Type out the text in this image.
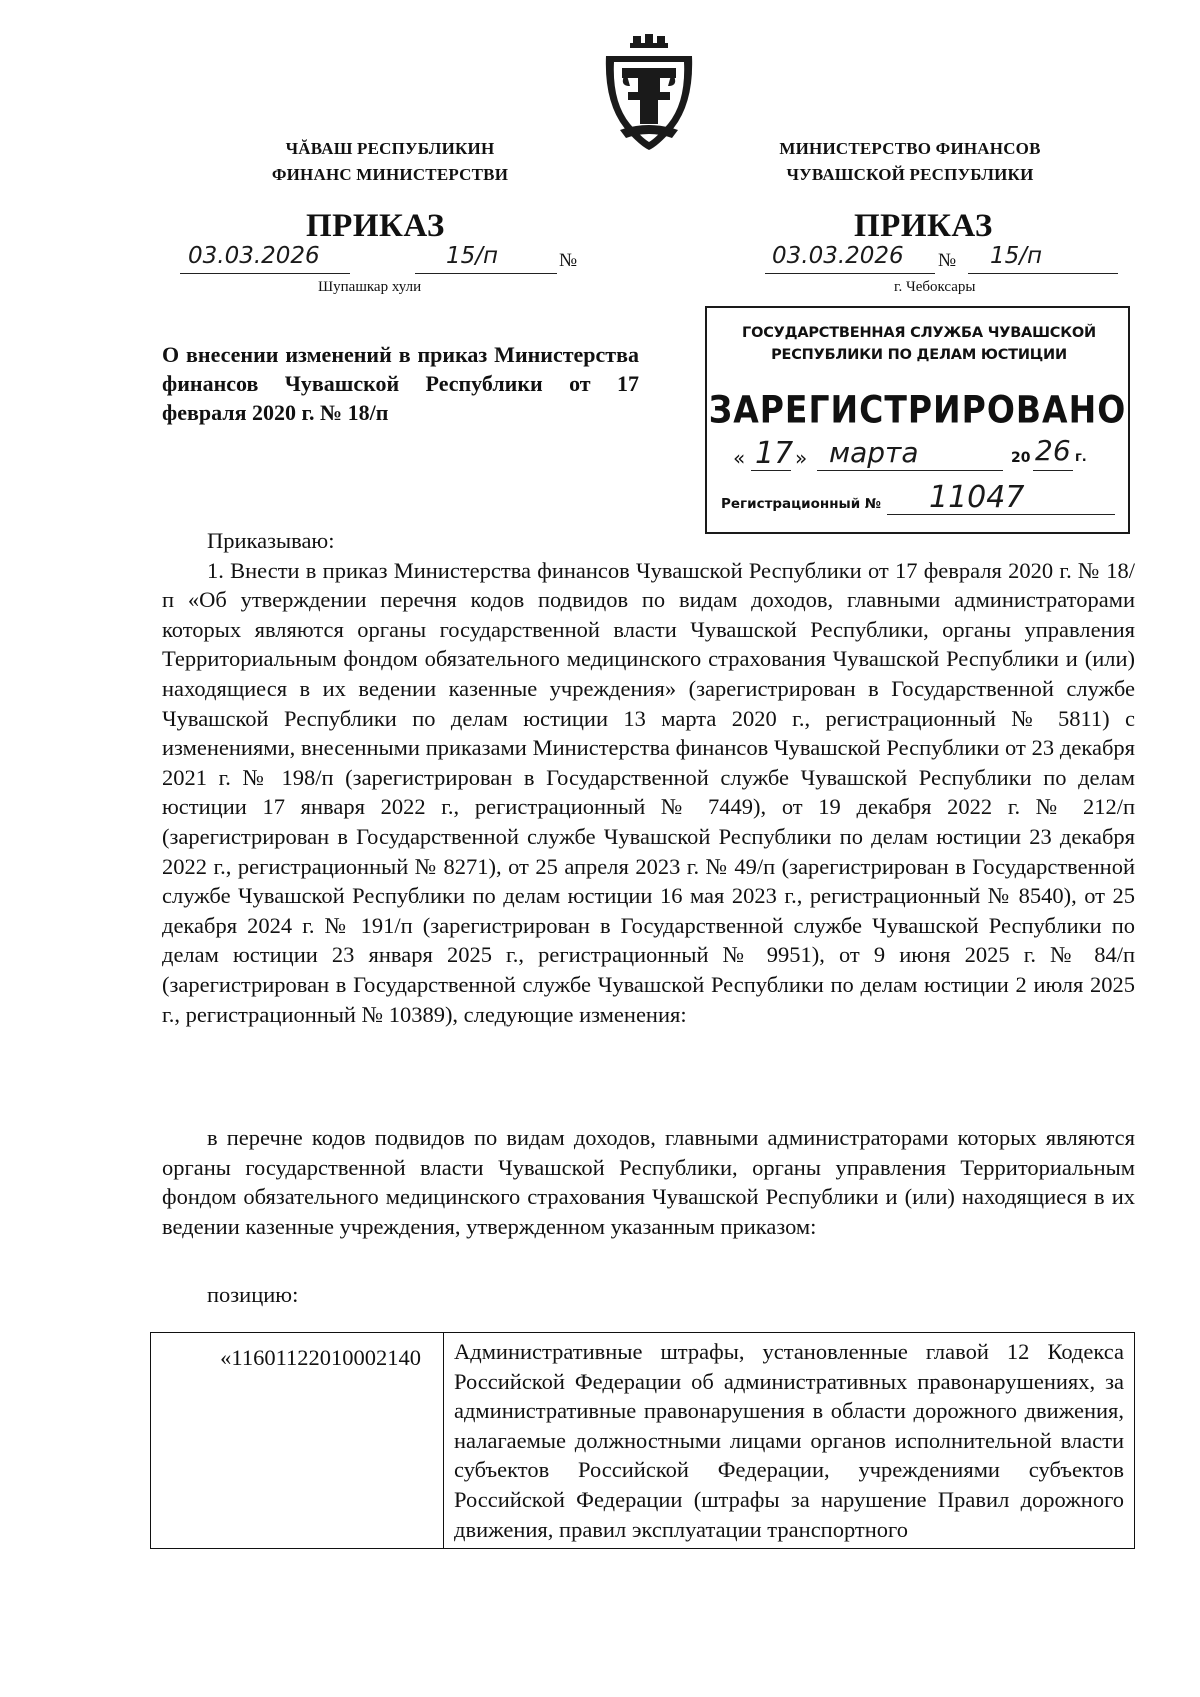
ЧĂВАШ РЕСПУБЛИКИН
ФИНАНС МИНИСТЕРСТВИ
МИНИСТЕРСТВО ФИНАНСОВ
ЧУВАШСКОЙ РЕСПУБЛИКИ
ПРИКАЗ	ПРИКАЗ
03.03.2026	15/п	№
Шупашкар хули
03.03.2026 № 15/п
г. Чебоксары
О внесении изменений в приказ Министерства финансов Чувашской Республики от 17 февраля 2020 г. № 18/п
ГОСУДАРСТВЕННАЯ СЛУЖБА ЧУВАШСКОЙ
РЕСПУБЛИКИ ПО ДЕЛАМ ЮСТИЦИИ
ЗАРЕГИСТРИРОВАНО
« 17 » марта	20 26 г.
Регистрационный № 11047
Приказываю:
1. Внести в приказ Министерства финансов Чувашской Республики от 17 февраля 2020 г. № 18/п «Об утверждении перечня кодов подвидов по видам доходов, главными администраторами которых являются органы государственной власти Чувашской Республики, органы управления Территориальным фондом обязательного медицинского страхования Чувашской Республики и (или) находящиеся в их ведении казенные учреждения» (зарегистрирован в Государственной службе Чувашской Республики по делам юстиции 13 марта 2020 г., регистрационный № 5811) с изменениями, внесенными приказами Министерства финансов Чувашской Республики от 23 декабря 2021 г. № 198/п (зарегистрирован в Государственной службе Чувашской Республики по делам юстиции 17 января 2022 г., регистрационный № 7449), от 19 декабря 2022 г. № 212/п (зарегистрирован в Государственной службе Чувашской Республики по делам юстиции 23 декабря 2022 г., регистрационный № 8271), от 25 апреля 2023 г. № 49/п (зарегистрирован в Государственной службе Чувашской Республики по делам юстиции 16 мая 2023 г., регистрационный № 8540), от 25 декабря 2024 г. № 191/п (зарегистрирован в Государственной службе Чувашской Республики по делам юстиции 23 января 2025 г., регистрационный № 9951), от 9 июня 2025 г. № 84/п (зарегистрирован в Государственной службе Чувашской Республики по делам юстиции 2 июля 2025 г., регистрационный № 10389), следующие изменения:
в перечне кодов подвидов по видам доходов, главными администраторами которых являются органы государственной власти Чувашской Республики, органы управления Территориальным фондом обязательного медицинского страхования Чувашской Республики и (или) находящиеся в их ведении казенные учреждения, утвержденном указанным приказом:
позицию:
«11601122010002140	Административные штрафы, установленные главой 12 Кодекса Российской Федерации об административных правонарушениях, за административные правонарушения в области дорожного движения, налагаемые должностными лицами органов исполнительной власти субъектов Российской Федерации, учреждениями субъектов Российской Федерации (штрафы за нарушение Правил дорожного движения, правил эксплуатации транспортного
